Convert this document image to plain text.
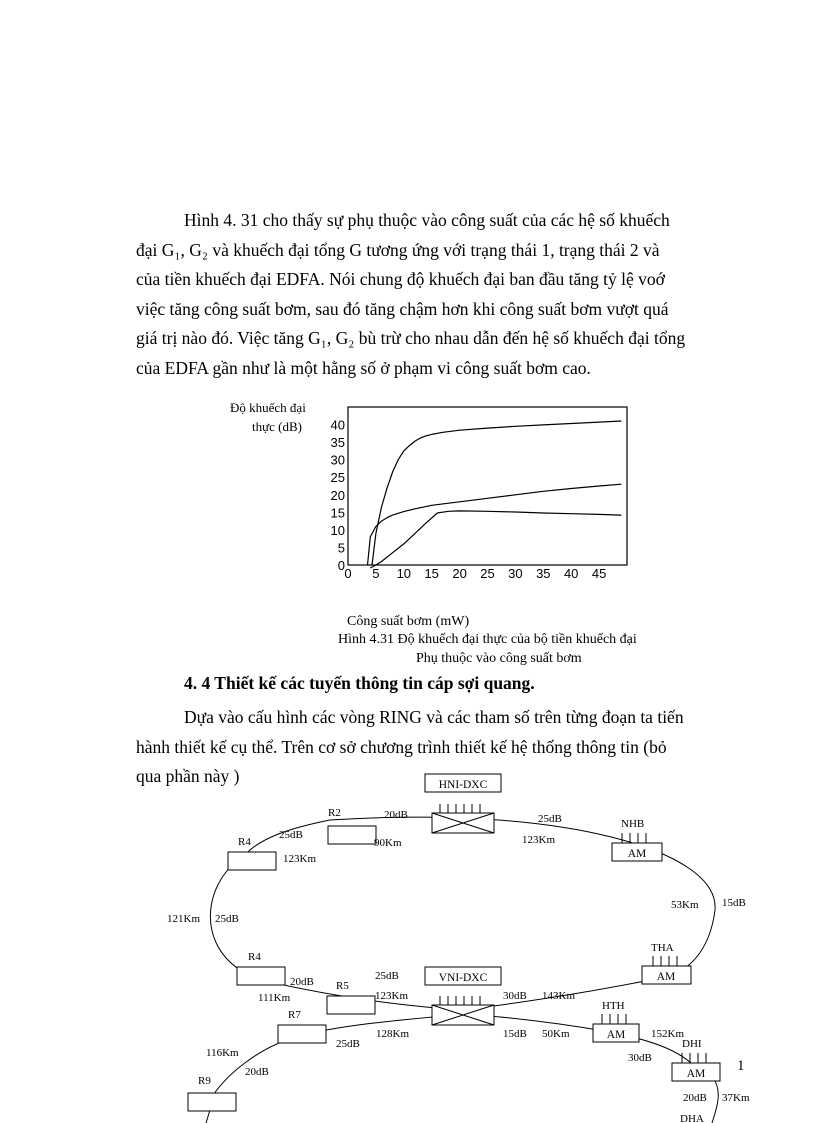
Hình 4. 31 cho thấy sự phụ thuộc vào công suất của các hệ số khuếch
đại G₁, G₂ và khuếch đại tổng G tương ứng với trạng thái 1, trạng thái 2 và
của tiền khuếch đại EDFA. Nói chung độ khuếch đại ban đầu tăng tỷ lệ voớ
việc tăng công suất bơm, sau đó tăng chậm hơn khi công suất bơm vượt quá
giá trị nào đó. Việc tăng G₁, G₂ bù trừ cho nhau dẫn đến hệ số khuếch đại tổng
của EDFA gần như là một hằng số ở phạm vi công suất bơm cao.
Độ khuếch đại
thực (dB)
0
5
10
15
20
25
30
35
40
0 5 10 15 20 25 30 35 40 45
Công suất bơm (mW)
Hình 4.31 Độ khuếch đại thực của bộ tiền khuếch đại
Phụ thuộc vào công suất bơm
4. 4 Thiết kế các tuyến thông tin cáp sợi quang.
Dựa vào cấu hình các vòng RING và các tham số trên từng đoạn ta tiến
hành thiết kế cụ thể. Trên cơ sở chương trình thiết kế hệ thống thông tin (bỏ
qua phần này )	HNI-DXC
VNI-DXC
R2
R4
R4
R5
R7
R9
AM
NHB
AM
THA
AM
HTH
AM
DHI
DHA
20dB
90Km
25dB
123Km
25dB
123Km
121Km 25dB
53Km 15dB
20dB
111Km
25dB
123Km	30dB 143Km
128Km	15dB 50Km	152Km
25dB
116Km
20dB
30dB
20dB 37Km
1
